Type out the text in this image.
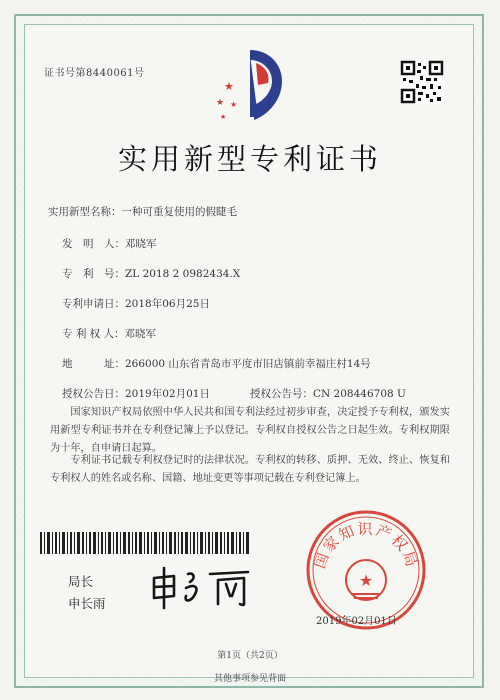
证书号第8440061号
★
★ ★
★
实用新型专利证书
实用新型名称：一种可重复使用的假睫毛
发　明　人：邓晓军
专　利　号：ZL 2018 2 0982434.X
专利申请日：2018年06月25日
专 利 权 人：邓晓军
地　　　址：266000 山东省青岛市平度市旧店镇前幸福庄村14号
授权公告日：2019年02月01日	授权公告号：CN 208446708 U
国家知识产权局依照中华人民共和国专利法经过初步审查，决定授予专利权，颁发实用新型专利证书并在专利登记簿上予以登记。专利权自授权公告之日起生效。专利权期限为十年，自申请日起算。
专利证书记载专利权登记时的法律状况。专利权的转移、质押、无效、终止、恢复和专利权人的姓名或名称、国籍、地址变更等事项记载在专利登记簿上。
局长
申长雨
国家知识产权局
★
2019年02月01日
第1页（共2页）
其他事项参见背面
